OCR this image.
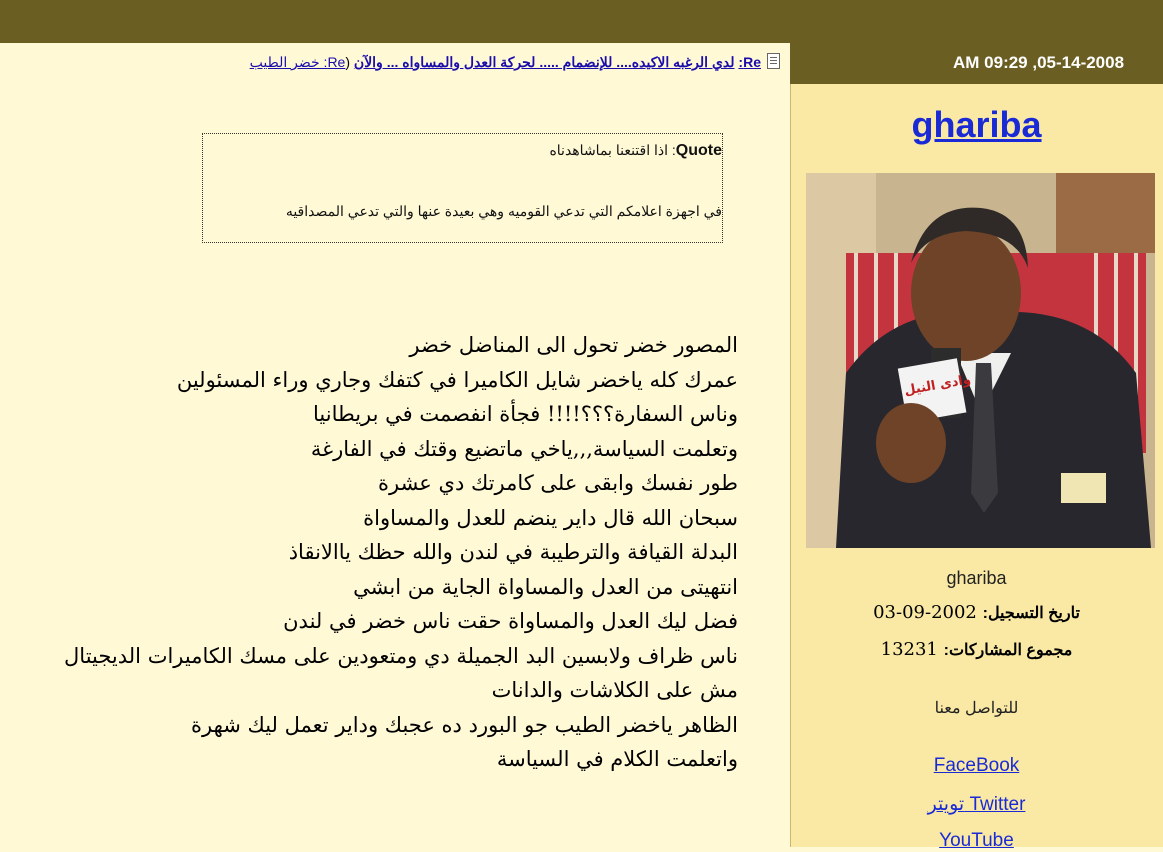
AM 09:29 ,05-14-2008
Re: لدي الرغبه الاكيده.... للإنضمام ..... لحركة العدل والمساواه ... والآن (Re: خضر الطيب
Quote: اذا اقتنعنا بماشاهدناه
في اجهزة اعلامكم التي تدعي القوميه وهي بعيدة عنها والتي تدعي المصداقيه
المصور خضر تحول الى المناضل خضر
عمرك كله ياخضر شايل الكاميرا في كتفك وجاري وراء المسئولين
وناس السفارة؟؟؟!!!! فجأة انفصمت في بريطانيا
وتعلمت السياسة,,,ياخي ماتضيع وقتك في الفارغة
طور نفسك وابقى على كامرتك دي عشرة
سبحان الله قال داير ينضم للعدل والمساواة
البدلة القيافة والترطيبة في لندن والله حظك ياالانقاذ
انتهيتى من العدل والمساواة الجاية من ابشي
فضل ليك العدل والمساواة حقت ناس خضر في لندن
ناس ظراف ولابسين البد الجميلة دي ومتعودين على مسك الكاميرات الديجيتال
مش على الكلاشات والدانات
الظاهر ياخضر الطيب جو البورد ده عجبك وداير تعمل ليك شهرة
واتعلمت الكلام في السياسة
ghariba
وادى النيل
ghariba
تاريخ التسجيل: 2002-09-03
مجموع المشاركات: 13231
للتواصل معنا
FaceBook
تويتر Twitter
YouTube
